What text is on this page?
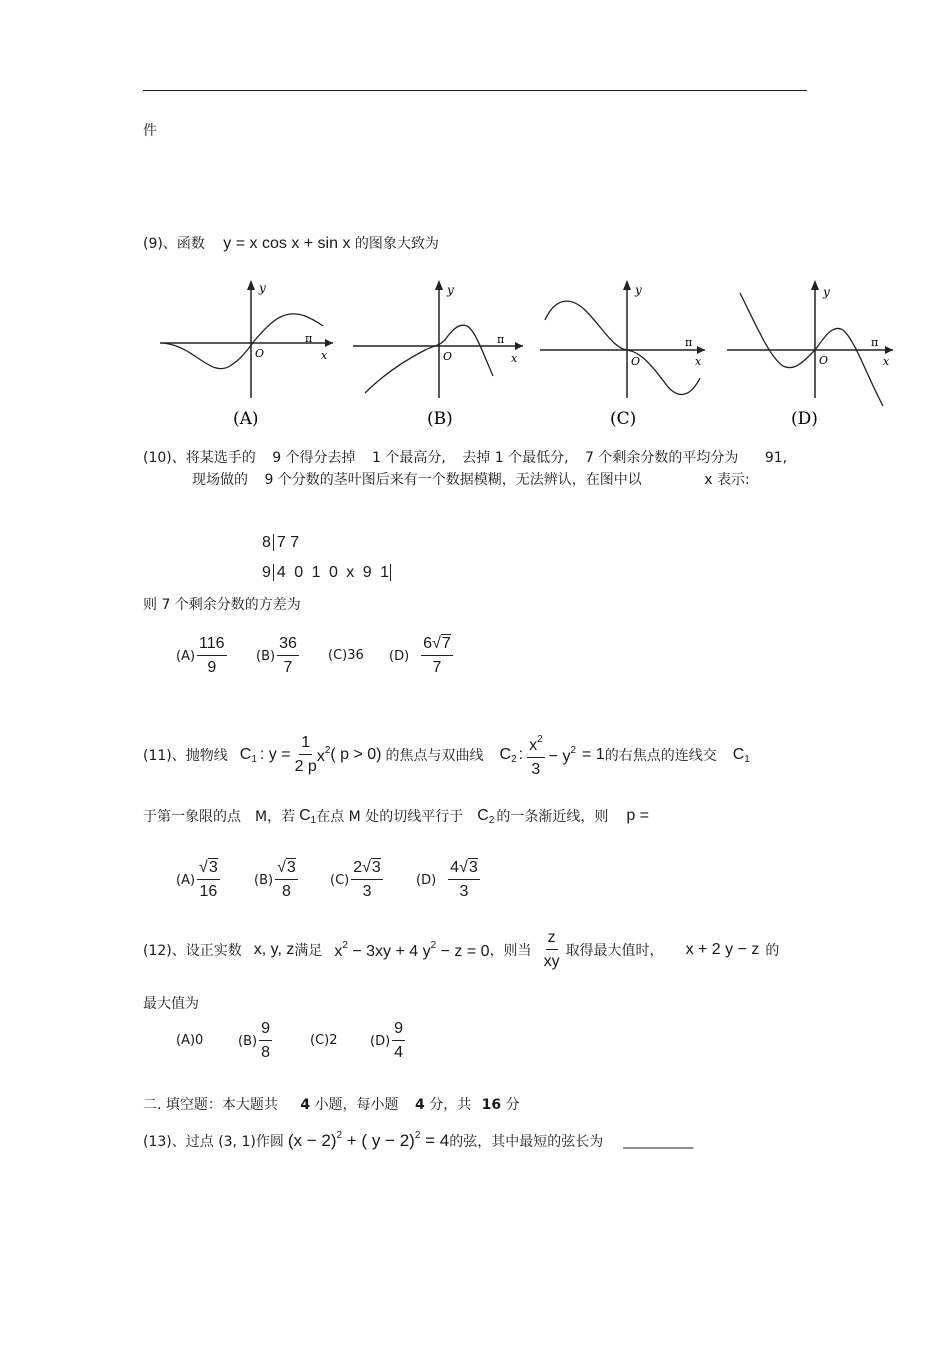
件
(9)、函数 y = x cos x + sin x 的图象大致为
y
O
π
x
(A)
y
O
π
x
(B)
y
O
π
x
(C)
y
O
π
x
(D)
(10)、将某选手的 9 个得分去掉 1 个最高分, 去掉 1 个最低分, 7 个剩余分数的平均分为 91,
现场做的 9 个分数的茎叶图后来有一个数据模糊，无法辨认，在图中以	x 表示:
8 7 7
9 4 0 1 0 x 9 1
则 7 个剩余分数的方差为
$(A) \frac{116}{9} (B) \frac{36}{7} (C)36$ $(D) \frac{6√7}{7}$
(11)、抛物线 $C_1$ : $y = \frac{1}{2 p} x^2$ ( p > 0) 的焦点与双曲线 $C_2$ : $\frac{x^2}{3} - y^2 = 1$ 的右焦点的连线交 $C_1$
于第一象限的点 M，若 $C_1$ 在点 M 处的切线平行于 $C_2$ 的一条渐近线，则 p =
$(A) \frac{√3}{16}$	$(B) \frac{√3}{8} (C) \frac{2√3}{3}$	$(D) \frac{4√3}{3}$
(12)、设正实数 x, y, z 满足 $x^2 - 3xy + 4$ $y^2 - z = 0$ ，则当 $\frac{z}{xy}$ 取得最大值时， x + 2 y − z 的
最大值为
(A)0	$(B) \frac{9}{8}$	(C)2	$(D) \frac{9}{4}$
二. 填空题：本大题共 4 小题，每小题 4 分，共 16 分
(13)、过点 (3, 1)作圆 $(x - 2)^2$ + ( y − 2)$^2$ = 4 的弦，其中最短的弦长为 __________
